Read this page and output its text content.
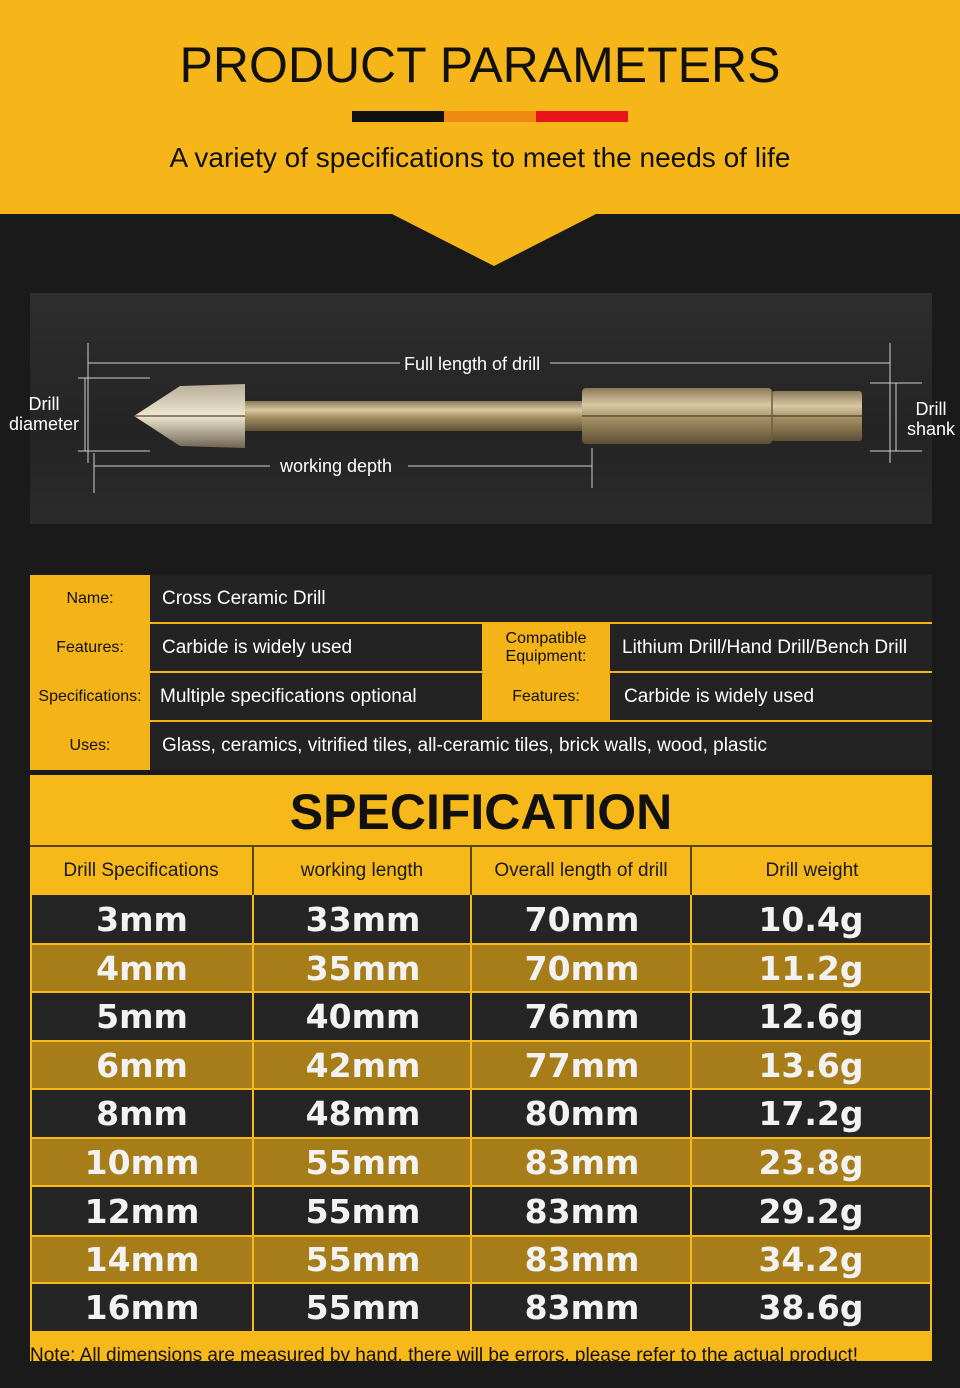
PRODUCT PARAMETERS
A variety of specifications to meet the needs of life
Full length of drill
working depth
Drill
diameter
Drill
shank
Name:	Cross Ceramic Drill
Features:	Carbide is widely used	Compatible
Equipment:	Lithium Drill/Hand Drill/Bench Drill
Specifications: Multiple specifications optional	Features:	Carbide is widely used
Uses:	Glass, ceramics, vitrified tiles, all-ceramic tiles, brick walls, wood, plastic
SPECIFICATION
Drill Specifications	working length	Overall length of drill	Drill weight
3mm	33mm	70mm	10.4g
4mm	35mm	70mm	11.2g
5mm	40mm	76mm	12.6g
6mm	42mm	77mm	13.6g
8mm	48mm	80mm	17.2g
10mm	55mm	83mm	23.8g
12mm	55mm	83mm	29.2g
14mm	55mm	83mm	34.2g
16mm	55mm	83mm	38.6g
Note: All dimensions are measured by hand, there will be errors, please refer to the actual product!
